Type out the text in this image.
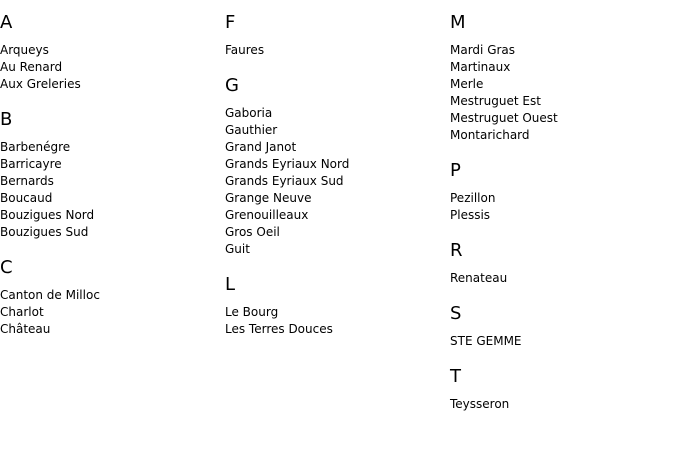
A
Arqueys
Au Renard
Aux Greleries
B
Barbenégre
Barricayre
Bernards
Boucaud
Bouzigues Nord
Bouzigues Sud
C
Canton de Milloc
Charlot
Château
F
Faures
G
Gaboria
Gauthier
Grand Janot
Grands Eyriaux Nord
Grands Eyriaux Sud
Grange Neuve
Grenouilleaux
Gros Oeil
Guit
L
Le Bourg
Les Terres Douces
M
Mardi Gras
Martinaux
Merle
Mestruguet Est
Mestruguet Ouest
Montarichard
P
Pezillon
Plessis
R
Renateau
S
STE GEMME
T
Teysseron
